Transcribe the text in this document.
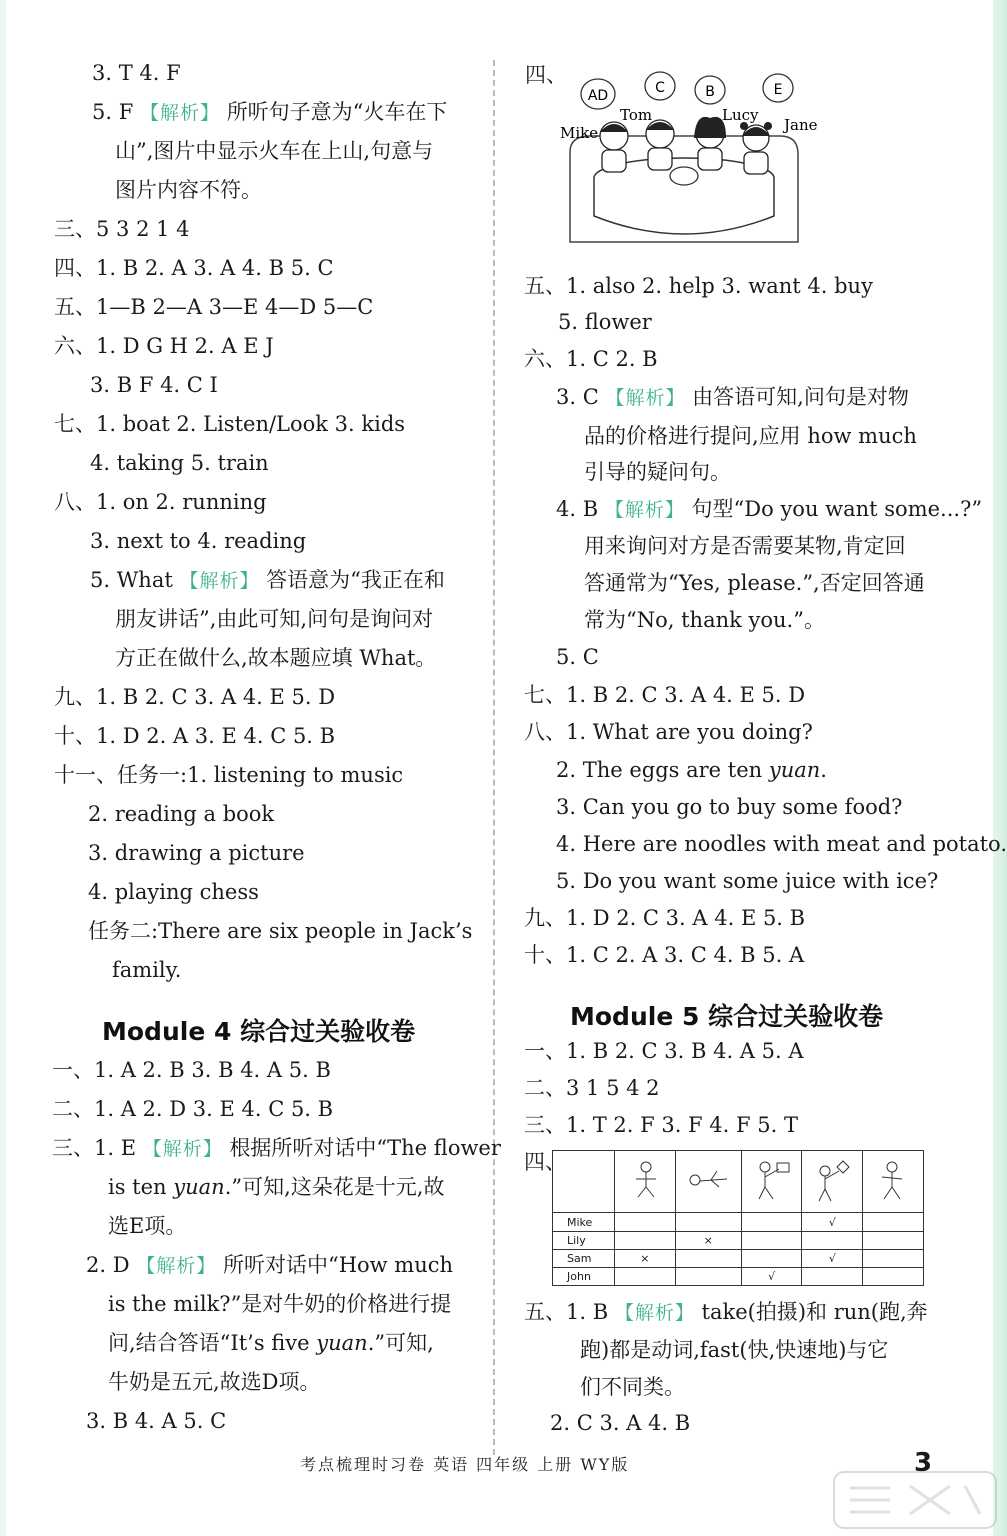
3. T 4. F
5. F 【解析】 所听句子意为“火车在下
山”,图片中显示火车在上山,句意与
图片内容不符。
三、5 3 2 1 4
四、1. B 2. A 3. A 4. B 5. C
五、1—B 2—A 3—E 4—D 5—C
六、1. D G H 2. A E J
3. B F 4. C I
七、1. boat 2. Listen/Look 3. kids
4. taking 5. train
八、1. on 2. running
3. next to 4. reading
5. What 【解析】 答语意为“我正在和
朋友讲话”,由此可知,问句是询问对
方正在做什么,故本题应填 What。
九、1. B 2. C 3. A 4. E 5. D
十、1. D 2. A 3. E 4. C 5. B
十一、任务一:1. listening to music
2. reading a book
3. drawing a picture
4. playing chess
任务二:There are six people in Jack’s
family.
Module 4 综合过关验收卷
一、1. A 2. B 3. B 4. A 5. B
二、1. A 2. D 3. E 4. C 5. B
三、1. E 【解析】 根据所听对话中“The flower
is ten yuan.”可知,这朵花是十元,故
选E项。
2. D 【解析】 所听对话中“How much
is the milk?”是对牛奶的价格进行提
问,结合答语“It’s five yuan.”可知,
牛奶是五元,故选D项。
3. B 4. A 5. C
四、
AD	C	B	E
Mike
Tom	Lucy
Jane
五、1. also 2. help 3. want 4. buy
5. flower
六、1. C 2. B
3. C 【解析】 由答语可知,问句是对物
品的价格进行提问,应用 how much
引导的疑问句。
4. B 【解析】 句型“Do you want some...?”
用来询问对方是否需要某物,肯定回
答通常为“Yes, please.”,否定回答通
常为“No, thank you.”。
5. C
七、1. B 2. C 3. A 4. E 5. D
八、1. What are you doing?
2. The eggs are ten yuan.
3. Can you go to buy some food?
4. Here are noodles with meat and potato.
5. Do you want some juice with ice?
九、1. D 2. C 3. A 4. E 5. B
十、1. C 2. A 3. C 4. B 5. A
Module 5 综合过关验收卷
一、1. B 2. C 3. B 4. A 5. A
二、3 1 5 4 2
三、1. T 2. F 3. F 4. F 5. T
四、
五、1. B 【解析】 take(拍摄)和 run(跑,奔
跑)都是动词,fast(快,快速地)与它
们不同类。
2. C 3. A 4. B

Mike				√	
Lily		×			
Sam	×			√	
John			√		
考点梳理时习卷 英语 四年级 上册 WY版	3
